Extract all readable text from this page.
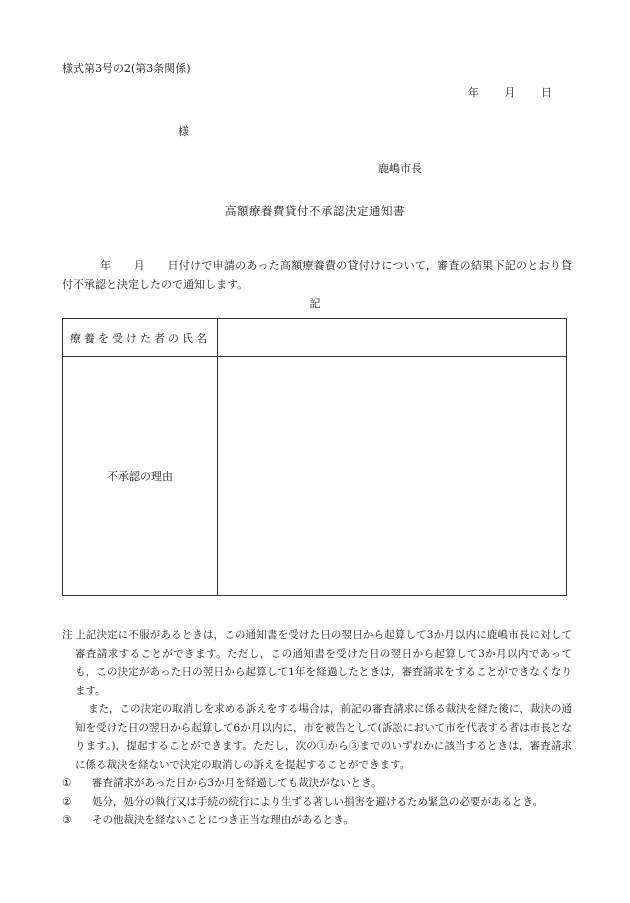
様式第3号の2(第3条関係)
年 月 日
様
鹿嶋市長
高額療養費貸付不承認決定通知書
年　　月　　日付けで申請のあった高額療養費の貸付けについて，審査の結果下記のとおり貸付不承認と決定したので通知します。
記
療養を受けた者の氏名	
不承認の理由	
注 上記決定に不服があるときは，この通知書を受けた日の翌日から起算して3か月以内に鹿嶋市長に対して審査請求することができます。ただし，この通知書を受けた日の翌日から起算して3か月以内であっても，この決定があった日の翌日から起算して1年を経過したときは，審査請求をすることができなくなります。
また，この決定の取消しを求める訴えをする場合は，前記の審査請求に係る裁決を経た後に，裁決の通知を受けた日の翌日から起算して6か月以内に，市を被告として(訴訟において市を代表する者は市長となります。)，提起することができます。ただし，次の①から③までのいずれかに該当するときは，審査請求に係る裁決を経ないで決定の取消しの訴えを提起することができます。
① 審査請求があった日から3か月を経過しても裁決がないとき。
② 処分，処分の執行又は手続の続行により生ずる著しい損害を避けるため緊急の必要があるとき。
③ その他裁決を経ないことにつき正当な理由があるとき。
